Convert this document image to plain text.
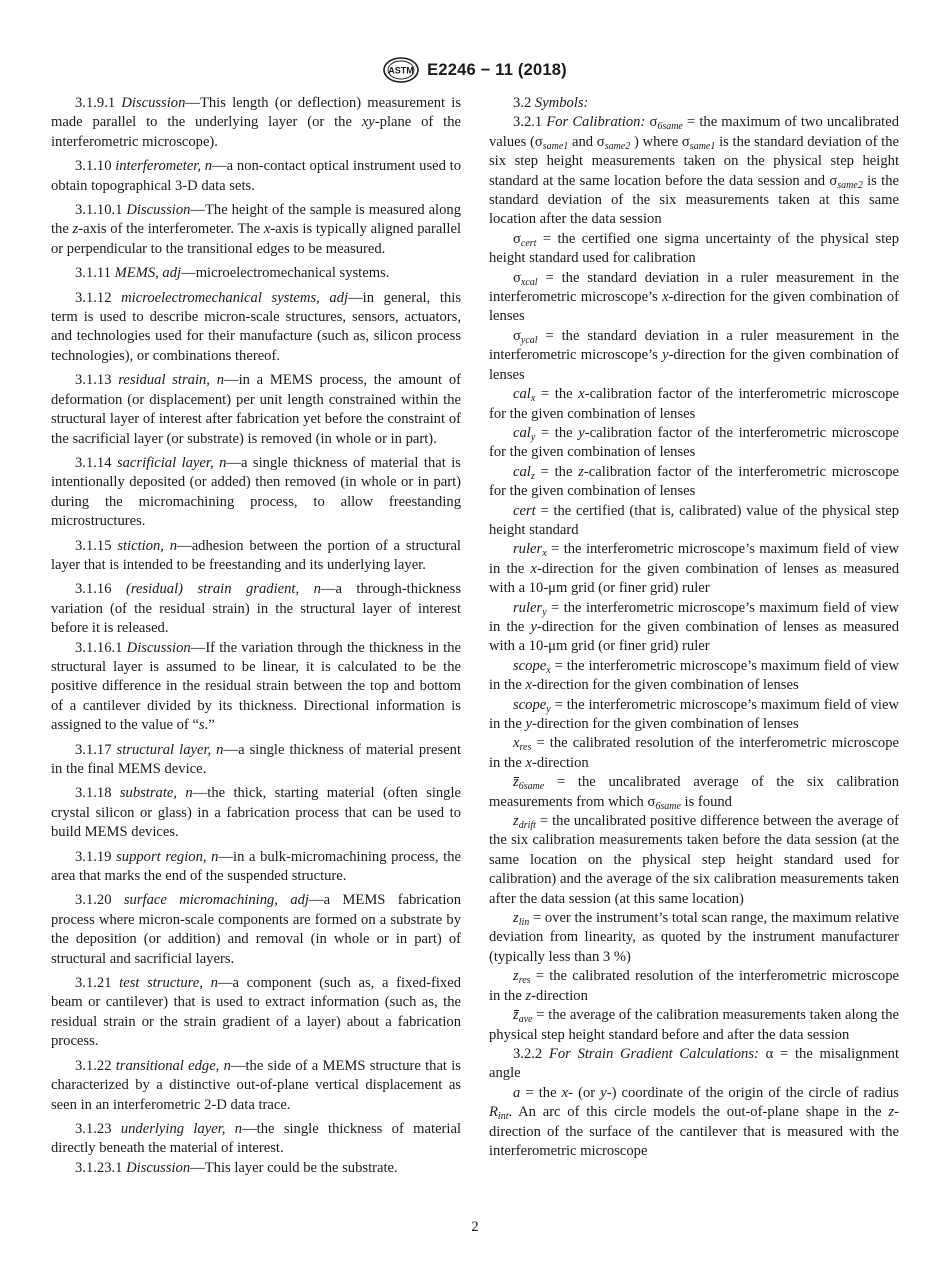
ASTM E2246 − 11 (2018)

3.1.9.1 Discussion—This length (or deflection) measurement is made parallel to the underlying layer (or the xy-plane of the interferometric microscope).

3.1.10 interferometer, n—a non-contact optical instrument used to obtain topographical 3-D data sets.

3.1.10.1 Discussion—The height of the sample is measured along the z-axis of the interferometer. The x-axis is typically aligned parallel or perpendicular to the transitional edges to be measured.

3.1.11 MEMS, adj—microelectromechanical systems.

3.1.12 microelectromechanical systems, adj—in general, this term is used to describe micron-scale structures, sensors, actuators, and technologies used for their manufacture (such as, silicon process technologies), or combinations thereof.

3.1.13 residual strain, n—in a MEMS process, the amount of deformation (or displacement) per unit length constrained within the structural layer of interest after fabrication yet before the constraint of the sacrificial layer (or substrate) is removed (in whole or in part).

3.1.14 sacrificial layer, n—a single thickness of material that is intentionally deposited (or added) then removed (in whole or in part) during the micromachining process, to allow freestanding microstructures.

3.1.15 stiction, n—adhesion between the portion of a structural layer that is intended to be freestanding and its underlying layer.

3.1.16 (residual) strain gradient, n—a through-thickness variation (of the residual strain) in the structural layer of interest before it is released.

3.1.16.1 Discussion—If the variation through the thickness in the structural layer is assumed to be linear, it is calculated to be the positive difference in the residual strain between the top and bottom of a cantilever divided by its thickness. Directional information is assigned to the value of “s.”

3.1.17 structural layer, n—a single thickness of material present in the final MEMS device.

3.1.18 substrate, n—the thick, starting material (often single crystal silicon or glass) in a fabrication process that can be used to build MEMS devices.

3.1.19 support region, n—in a bulk-micromachining process, the area that marks the end of the suspended structure.

3.1.20 surface micromachining, adj—a MEMS fabrication process where micron-scale components are formed on a substrate by the deposition (or addition) and removal (in whole or in part) of structural and sacrificial layers.

3.1.21 test structure, n—a component (such as, a fixed-fixed beam or cantilever) that is used to extract information (such as, the residual strain or the strain gradient of a layer) about a fabrication process.

3.1.22 transitional edge, n—the side of a MEMS structure that is characterized by a distinctive out-of-plane vertical displacement as seen in an interferometric 2-D data trace.

3.1.23 underlying layer, n—the single thickness of material directly beneath the material of interest.

3.1.23.1 Discussion—This layer could be the substrate.

3.2 Symbols:

3.2.1 For Calibration: $\sigma_{6same}$ = the maximum of two uncalibrated values ($\sigma_{same1}$ and $\sigma_{same2}$ ) where $\sigma_{same1}$ is the standard deviation of the six step height measurements taken on the physical step height standard at the same location before the data session and $\sigma_{same2}$ is the standard deviation of the six measurements taken at this same location after the data session

$\sigma_{cert}$ = the certified one sigma uncertainty of the physical step height standard used for calibration

$\sigma_{xcal}$ = the standard deviation in a ruler measurement in the interferometric microscope’s x-direction for the given combination of lenses

$\sigma_{ycal}$ = the standard deviation in a ruler measurement in the interferometric microscope’s y-direction for the given combination of lenses

cal$_x$ = the x-calibration factor of the interferometric microscope for the given combination of lenses

cal$_y$ = the y-calibration factor of the interferometric microscope for the given combination of lenses

cal$_z$ = the z-calibration factor of the interferometric microscope for the given combination of lenses

cert = the certified (that is, calibrated) value of the physical step height standard

ruler$_x$ = the interferometric microscope’s maximum field of view in the x-direction for the given combination of lenses as measured with a 10-μm grid (or finer grid) ruler

ruler$_y$ = the interferometric microscope’s maximum field of view in the y-direction for the given combination of lenses as measured with a 10-μm grid (or finer grid) ruler

scope$_x$ = the interferometric microscope’s maximum field of view in the x-direction for the given combination of lenses

scope$_y$ = the interferometric microscope’s maximum field of view in the y-direction for the given combination of lenses

$x_{res}$ = the calibrated resolution of the interferometric microscope in the x-direction

$z_{6same}$ = the uncalibrated average of the six calibration measurements from which $\sigma_{6same}$ is found

$z_{drift}$ = the uncalibrated positive difference between the average of the six calibration measurements taken before the data session (at the same location on the physical step height standard used for calibration) and the average of the six calibration measurements taken after the data session (at this same location)

$z_{lin}$ = over the instrument’s total scan range, the maximum relative deviation from linearity, as quoted by the instrument manufacturer (typically less than 3 %)

$z_{res}$ = the calibrated resolution of the interferometric microscope in the z-direction

$z_{ave}$ = the average of the calibration measurements taken along the physical step height standard before and after the data session

3.2.2 For Strain Gradient Calculations: α = the misalignment angle

a = the x- (or y-) coordinate of the origin of the circle of radius $R_{int}$. An arc of this circle models the out-of-plane shape in the z-direction of the surface of the cantilever that is measured with the interferometric microscope

2
